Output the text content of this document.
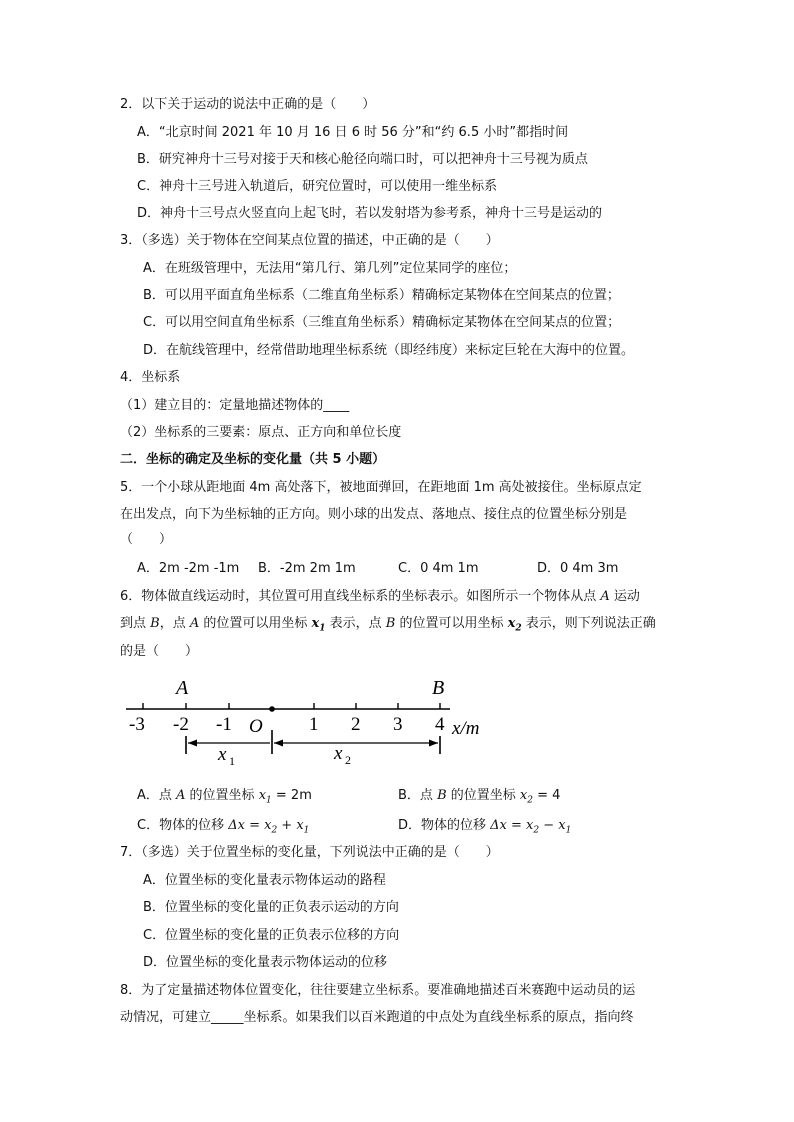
2．以下关于运动的说法中正确的是（　　）
A．“北京时间 2021 年 10 月 16 日 6 时 56 分”和“约 6.5 小时”都指时间
B．研究神舟十三号对接于天和核心舱径向端口时，可以把神舟十三号视为质点
C．神舟十三号进入轨道后，研究位置时，可以使用一维坐标系
D．神舟十三号点火竖直向上起飞时，若以发射塔为参考系，神舟十三号是运动的
3．（多选）关于物体在空间某点位置的描述，中正确的是（　　）
A．在班级管理中，无法用“第几行、第几列”定位某同学的座位；
B．可以用平面直角坐标系（二维直角坐标系）精确标定某物体在空间某点的位置；
C．可以用空间直角坐标系（三维直角坐标系）精确标定某物体在空间某点的位置；
D．在航线管理中，经常借助地理坐标系统（即经纬度）来标定巨轮在大海中的位置。
4．坐标系
（1）建立目的：定量地描述物体的____
（2）坐标系的三要素：原点、正方向和单位长度
二．坐标的确定及坐标的变化量（共 5 小题）
5．一个小球从距地面 4m 高处落下，被地面弹回，在距地面 1m 高处被接住。坐标原点定
在出发点，向下为坐标轴的正方向。则小球的出发点、落地点、接住点的位置坐标分别是
（　　）
A．2m -2m -1m B．-2m 2m 1m	C．0 4m 1m	D．0 4m 3m
6．物体做直线运动时，其位置可用直线坐标系的坐标表示。如图所示一个物体从点 A 运动
到点 B，点 A 的位置可以用坐标 $x_1$ 表示，点 B 的位置可以用坐标 $x_2$ 表示，则下列说法正确
的是（　　）
A	B
-3 -2 -1 O 1 2 3 4 x/m
x 1	x 2
A．点 A 的位置坐标 $x_1 = 2m$	B．点 B 的位置坐标 $x_2 = 4$
C．物体的位移 $\Delta x = x_2 + x_1$	D．物体的位移 $\Delta x = x_2 - x_1$
7．（多选）关于位置坐标的变化量，下列说法中正确的是（　　）
A．位置坐标的变化量表示物体运动的路程
B．位置坐标的变化量的正负表示运动的方向
C．位置坐标的变化量的正负表示位移的方向
D．位置坐标的变化量表示物体运动的位移
8．为了定量描述物体位置变化，往往要建立坐标系。要准确地描述百米赛跑中运动员的运
动情况，可建立_____坐标系。如果我们以百米跑道的中点处为直线坐标系的原点，指向终
